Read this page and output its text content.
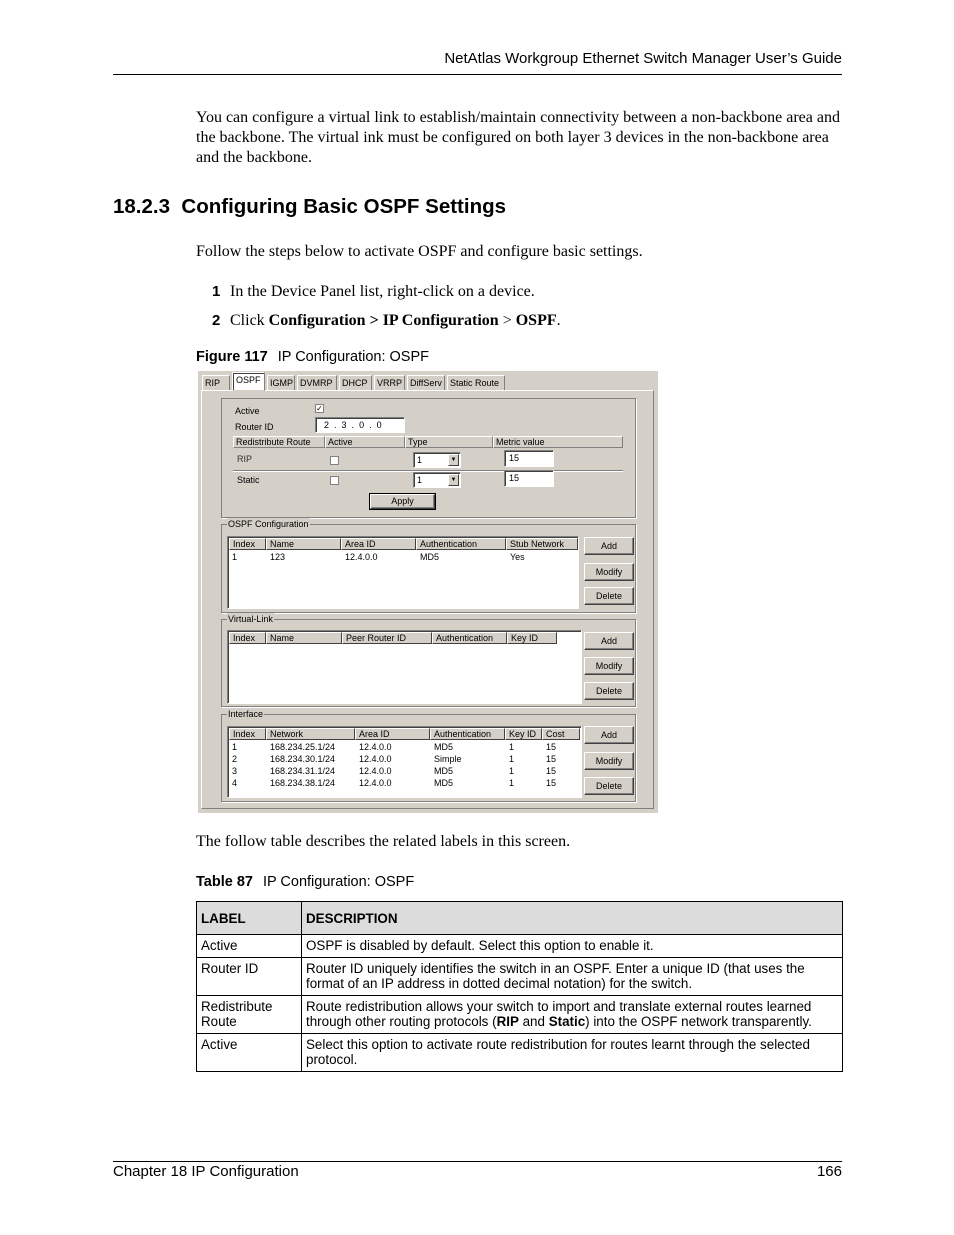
NetAtlas Workgroup Ethernet Switch Manager User’s Guide
You can configure a virtual link to establish/maintain connectivity between a non-backbone area and the backbone. The virtual ink must be configured on both layer 3 devices in the non-backbone area and the backbone.
18.2.3 Configuring Basic OSPF Settings
Follow the steps below to activate OSPF and configure basic settings.
1 In the Device Panel list, right-click on a device.
2 Click Configuration > IP Configuration > OSPF.
Figure 117 IP Configuration: OSPF
RIP	OSPF	IGMP DVMRP	DHCP	VRRP DiffServ Static Route
Active	✓
Router ID	2  .  3  .  0  .  0
Redistribute Route	Active	Type	Metric value
RIP	1	▼	15
Static	1	▼	15
Apply
OSPF Configuration
Index	Name	Area ID	Authentication	Stub Network
1	123	12.4.0.0	MD5	Yes
Add
Modify
Delete
Virtual-Link
Index	Name	Peer Router ID	Authentication	Key ID	Add
Modify
Delete
Interface
Index	Network	Area ID	Authentication	Key ID	Cost
1	168.234.25.1/24	12.4.0.0	MD5	1	15
2	168.234.30.1/24	12.4.0.0	Simple	1	15
3	168.234.31.1/24	12.4.0.0	MD5	1	15
4	168.234.38.1/24	12.4.0.0	MD5	1	15
Add
Modify
Delete
The follow table describes the related labels in this screen.
Table 87 IP Configuration: OSPF
LABEL	DESCRIPTION
Active	OSPF is disabled by default. Select this option to enable it.
Router ID	Router ID uniquely identifies the switch in an OSPF. Enter a unique ID (that uses the format of an IP address in dotted decimal notation) for the switch.
Redistribute Route	Route redistribution allows your switch to import and translate external routes learned through other routing protocols (RIP and Static) into the OSPF network transparently.
Active	Select this option to activate route redistribution for routes learnt through the selected protocol.
Chapter 18 IP Configuration	166
